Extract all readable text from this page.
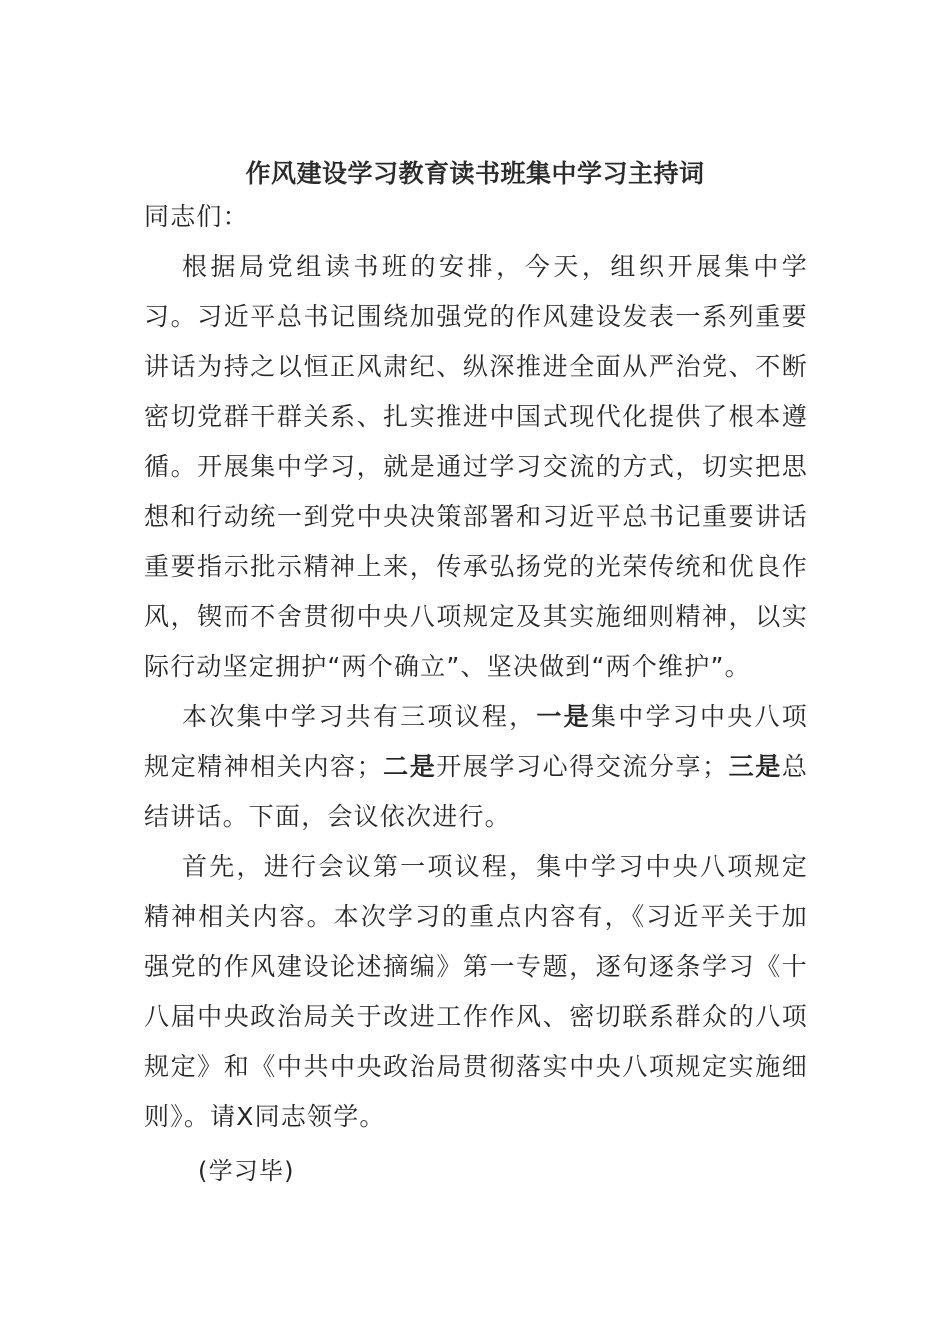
作风建设学习教育读书班集中学习主持词

同志们：

根据局党组读书班的安排，今天，组织开展集中学习。习近平总书记围绕加强党的作风建设发表一系列重要讲话为持之以恒正风肃纪、纵深推进全面从严治党、不断密切党群干群关系、扎实推进中国式现代化提供了根本遵循。开展集中学习，就是通过学习交流的方式，切实把思想和行动统一到党中央决策部署和习近平总书记重要讲话重要指示批示精神上来，传承弘扬党的光荣传统和优良作风，锲而不舍贯彻中央八项规定及其实施细则精神，以实际行动坚定拥护“两个确立”、坚决做到“两个维护”。

本次集中学习共有三项议程，一是集中学习中央八项规定精神相关内容；二是开展学习心得交流分享；三是总结讲话。下面，会议依次进行。

首先，进行会议第一项议程，集中学习中央八项规定精神相关内容。本次学习的重点内容有，《习近平关于加强党的作风建设论述摘编》第一专题，逐句逐条学习《十八届中央政治局关于改进工作作风、密切联系群众的八项规定》和《中共中央政治局贯彻落实中央八项规定实施细则》。请X同志领学。

(学习毕)
